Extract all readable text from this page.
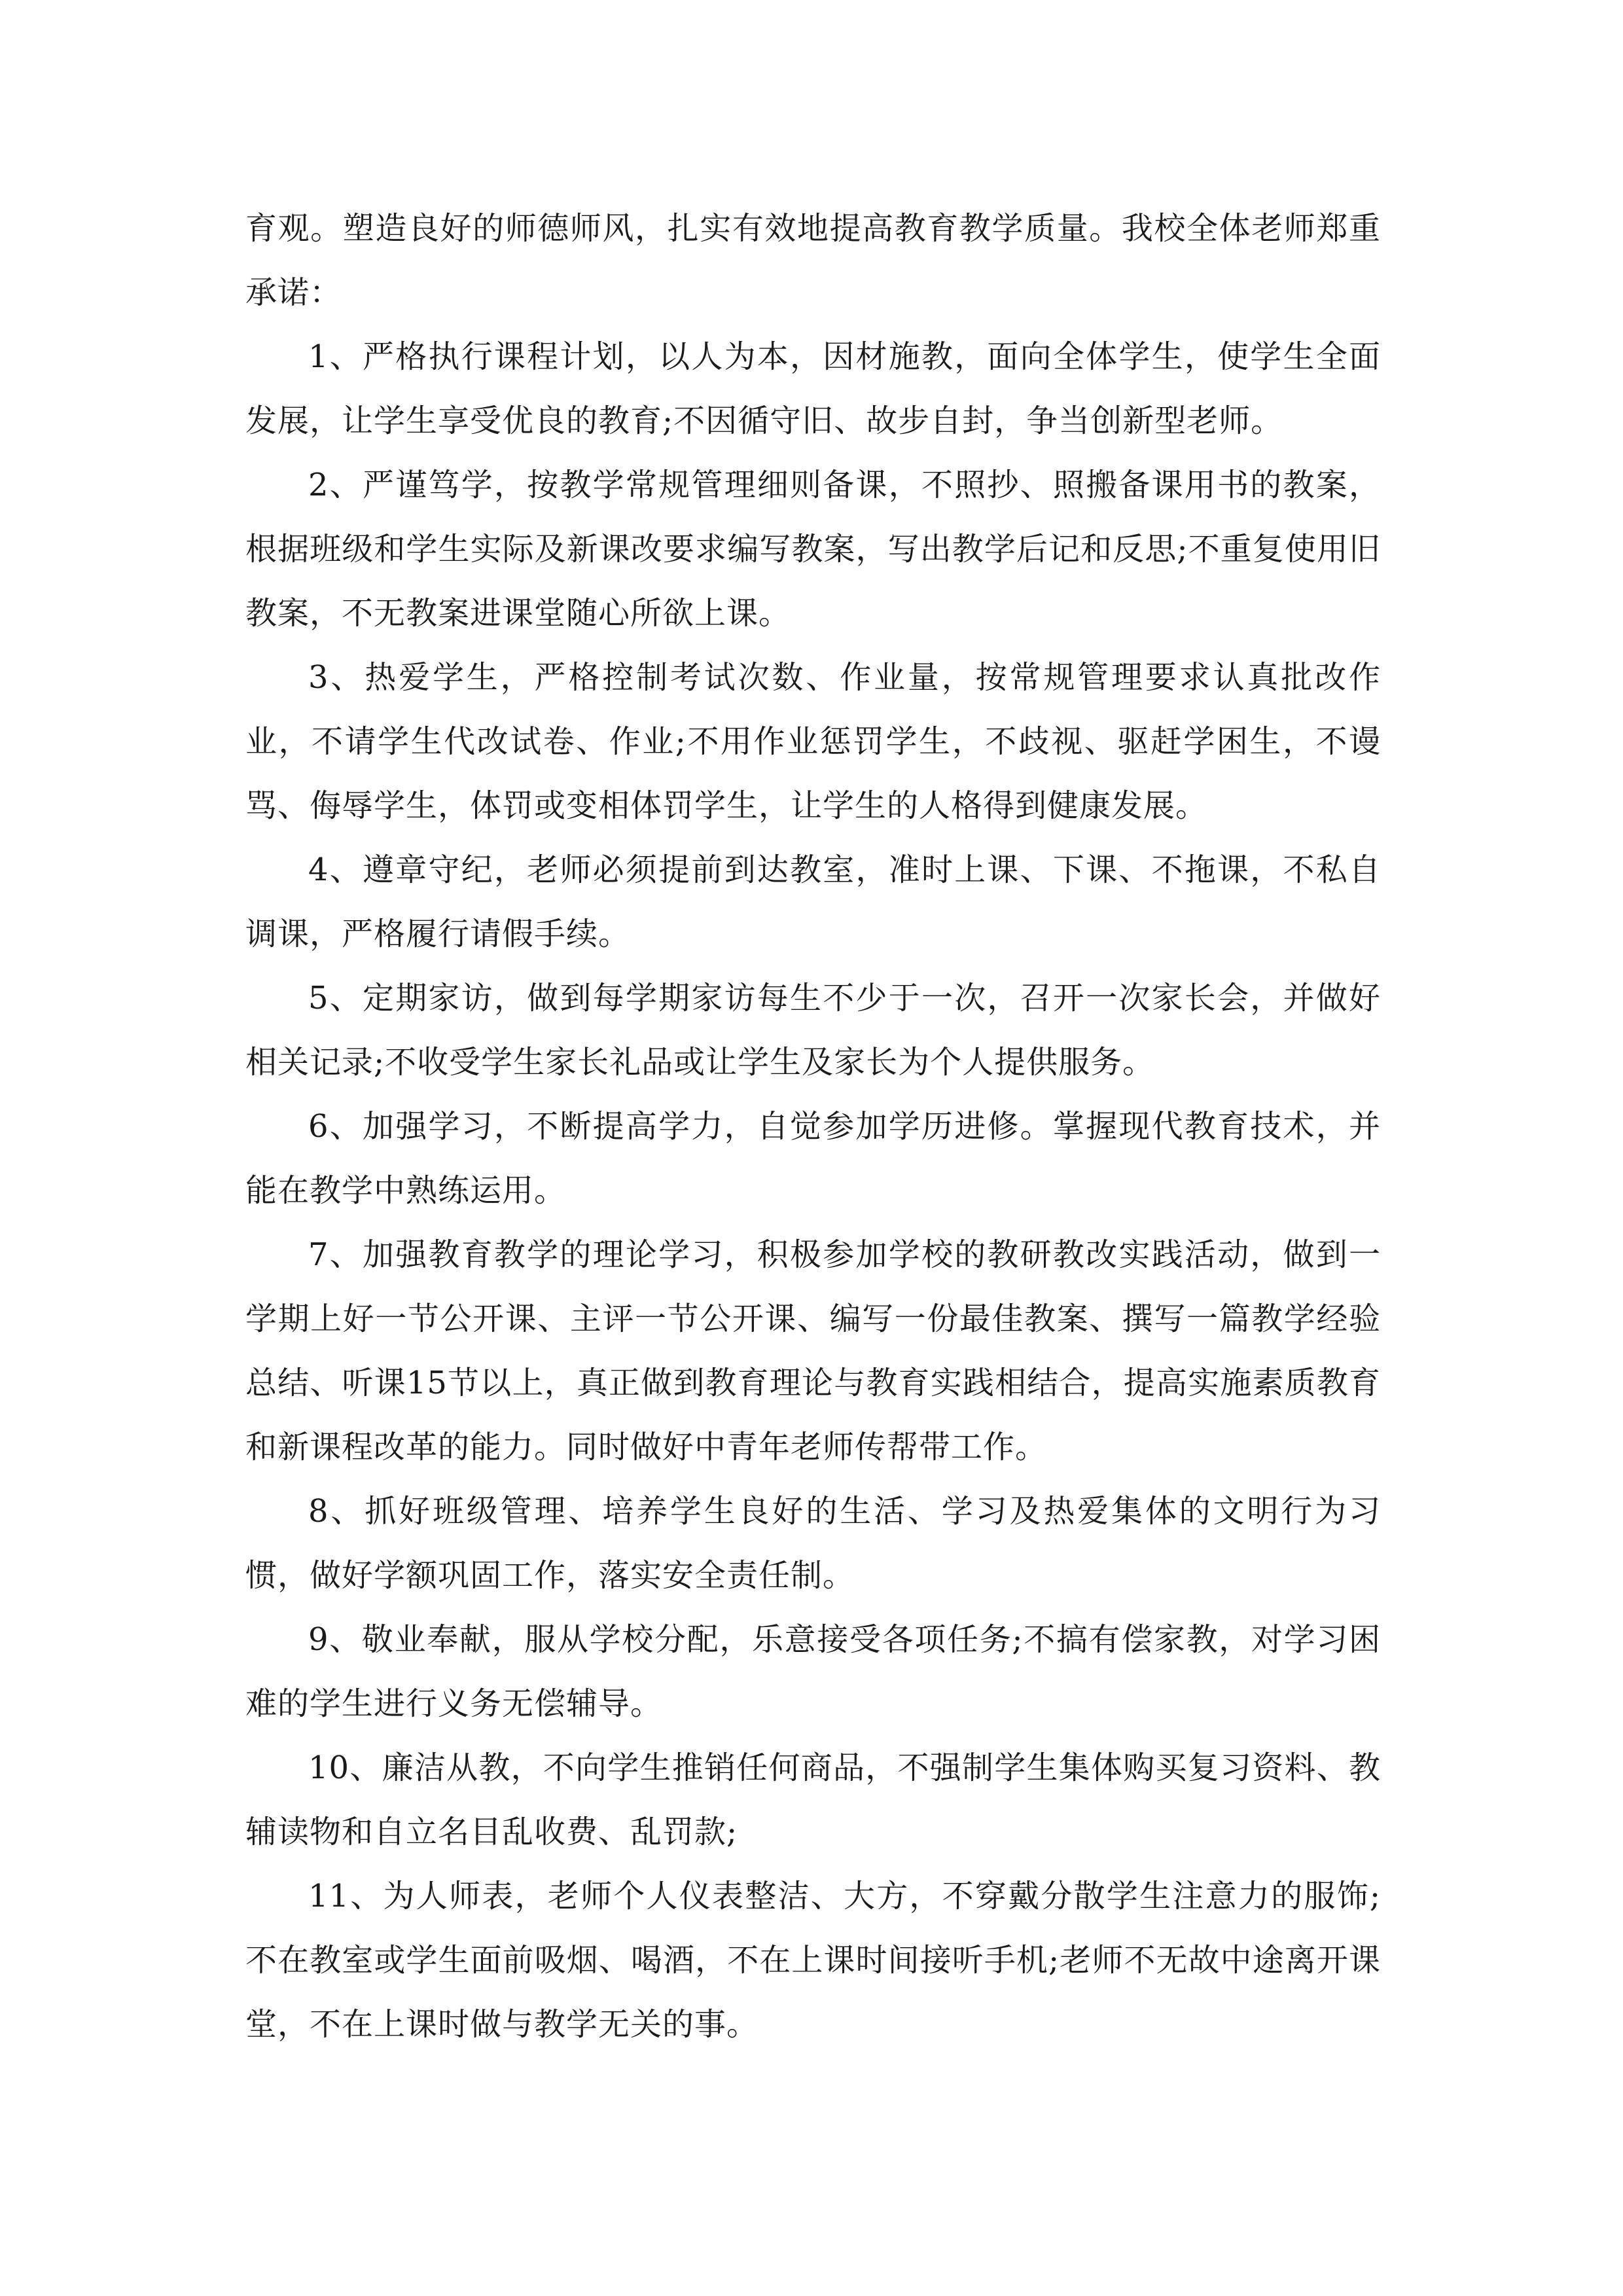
育观。塑造良好的师德师风，扎实有效地提高教育教学质量。我校全体老师郑重承诺：

1、严格执行课程计划，以人为本，因材施教，面向全体学生，使学生全面发展，让学生享受优良的教育;不因循守旧、故步自封，争当创新型老师。

2、严谨笃学，按教学常规管理细则备课，不照抄、照搬备课用书的教案，根据班级和学生实际及新课改要求编写教案，写出教学后记和反思;不重复使用旧教案，不无教案进课堂随心所欲上课。

3、热爱学生，严格控制考试次数、作业量，按常规管理要求认真批改作业，不请学生代改试卷、作业;不用作业惩罚学生，不歧视、驱赶学困生，不谩骂、侮辱学生，体罚或变相体罚学生，让学生的人格得到健康发展。

4、遵章守纪，老师必须提前到达教室，准时上课、下课、不拖课，不私自调课，严格履行请假手续。

5、定期家访，做到每学期家访每生不少于一次，召开一次家长会，并做好相关记录;不收受学生家长礼品或让学生及家长为个人提供服务。

6、加强学习，不断提高学力，自觉参加学历进修。掌握现代教育技术，并能在教学中熟练运用。

7、加强教育教学的理论学习，积极参加学校的教研教改实践活动，做到一学期上好一节公开课、主评一节公开课、编写一份最佳教案、撰写一篇教学经验总结、听课15节以上，真正做到教育理论与教育实践相结合，提高实施素质教育和新课程改革的能力。同时做好中青年老师传帮带工作。

8、抓好班级管理、培养学生良好的生活、学习及热爱集体的文明行为习惯，做好学额巩固工作，落实安全责任制。

9、敬业奉献，服从学校分配，乐意接受各项任务;不搞有偿家教，对学习困难的学生进行义务无偿辅导。

10、廉洁从教，不向学生推销任何商品，不强制学生集体购买复习资料、教辅读物和自立名目乱收费、乱罚款;

11、为人师表，老师个人仪表整洁、大方，不穿戴分散学生注意力的服饰;不在教室或学生面前吸烟、喝酒，不在上课时间接听手机;老师不无故中途离开课堂，不在上课时做与教学无关的事。
